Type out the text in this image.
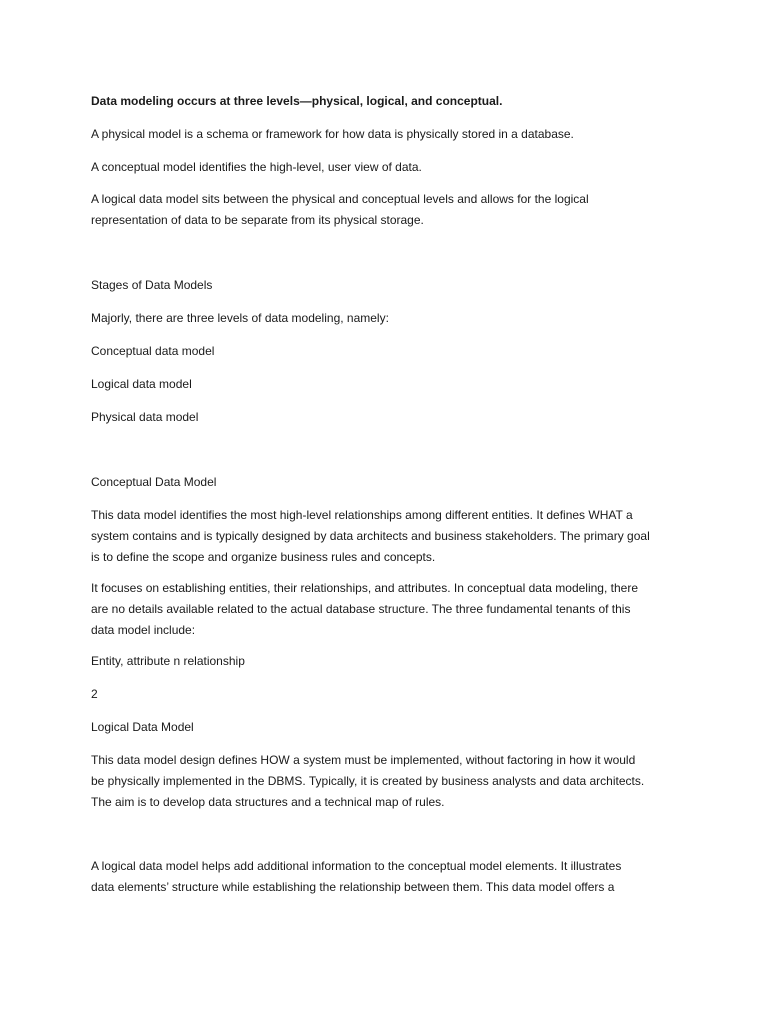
Data modeling occurs at three levels—physical, logical, and conceptual.

A physical model is a schema or framework for how data is physically stored in a database.

A conceptual model identifies the high-level, user view of data.

A logical data model sits between the physical and conceptual levels and allows for the logical
representation of data to be separate from its physical storage.

Stages of Data Models

Majorly, there are three levels of data modeling, namely:

Conceptual data model

Logical data model

Physical data model

Conceptual Data Model

This data model identifies the most high-level relationships among different entities. It defines WHAT a
system contains and is typically designed by data architects and business stakeholders. The primary goal
is to define the scope and organize business rules and concepts.

It focuses on establishing entities, their relationships, and attributes. In conceptual data modeling, there
are no details available related to the actual database structure. The three fundamental tenants of this
data model include:

Entity, attribute n relationship

2

Logical Data Model

This data model design defines HOW a system must be implemented, without factoring in how it would
be physically implemented in the DBMS. Typically, it is created by business analysts and data architects.
The aim is to develop data structures and a technical map of rules.

A logical data model helps add additional information to the conceptual model elements. It illustrates
data elements’ structure while establishing the relationship between them. This data model offers a
